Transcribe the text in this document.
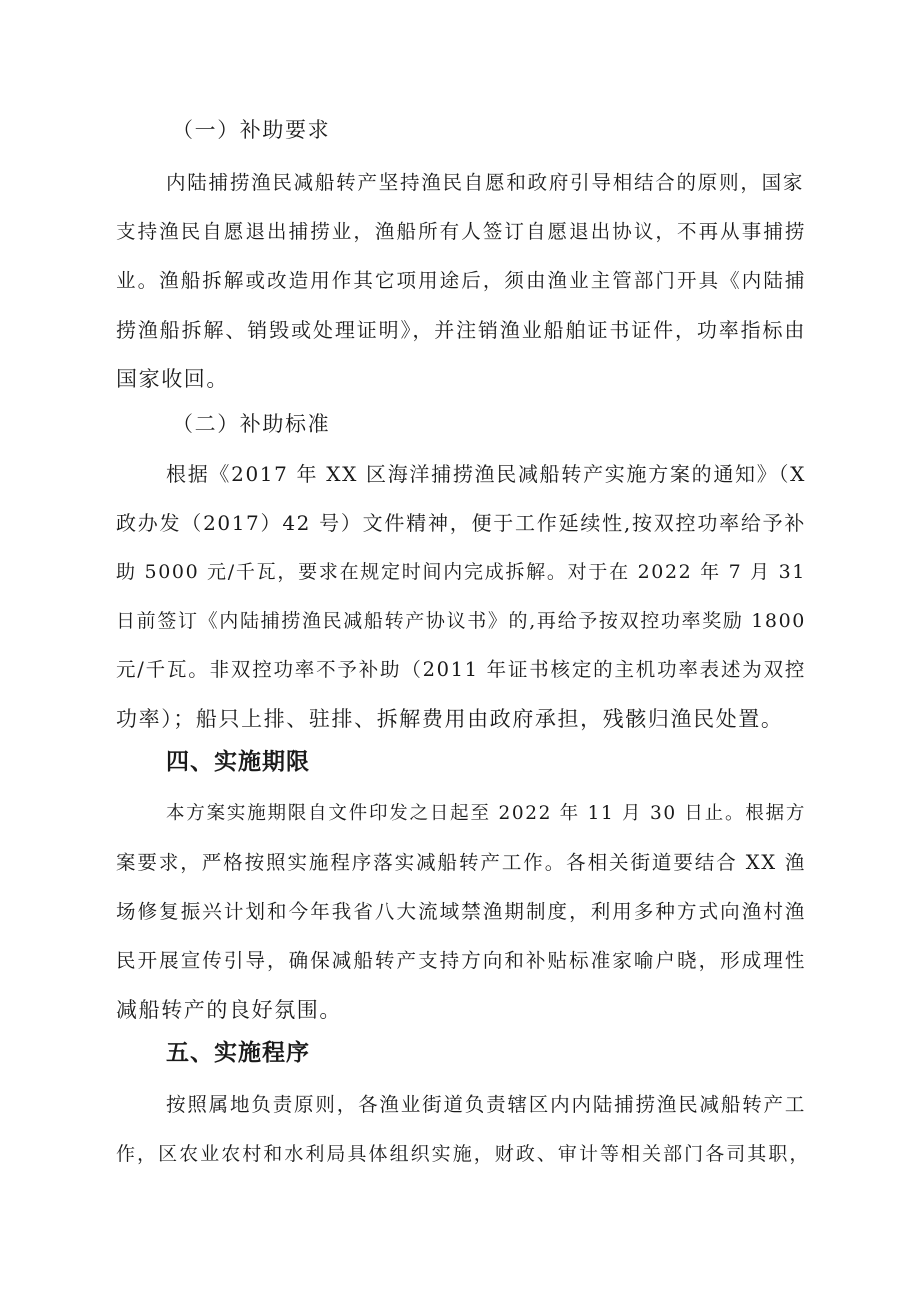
（一）补助要求
内陆捕捞渔民减船转产坚持渔民自愿和政府引导相结合的原则，国家
支持渔民自愿退出捕捞业，渔船所有人签订自愿退出协议，不再从事捕捞
业。渔船拆解或改造用作其它项用途后，须由渔业主管部门开具《内陆捕
捞渔船拆解、销毁或处理证明》，并注销渔业船舶证书证件，功率指标由
国家收回。
（二）补助标准
根据《2017 年 XX 区海洋捕捞渔民减船转产实施方案的通知》（X
政办发（2017）42 号）文件精神，便于工作延续性,按双控功率给予补
助 5000 元/千瓦，要求在规定时间内完成拆解。对于在 2022 年 7 月 31
日前签订《内陆捕捞渔民减船转产协议书》的,再给予按双控功率奖励 1800
元/千瓦。非双控功率不予补助（2011 年证书核定的主机功率表述为双控
功率）；船只上排、驻排、拆解费用由政府承担，残骸归渔民处置。
四、实施期限
本方案实施期限自文件印发之日起至 2022 年 11 月 30 日止。根据方
案要求，严格按照实施程序落实减船转产工作。各相关街道要结合 XX 渔
场修复振兴计划和今年我省八大流域禁渔期制度，利用多种方式向渔村渔
民开展宣传引导，确保减船转产支持方向和补贴标准家喻户晓，形成理性
减船转产的良好氛围。
五、实施程序
按照属地负责原则，各渔业街道负责辖区内内陆捕捞渔民减船转产工
作，区农业农村和水利局具体组织实施，财政、审计等相关部门各司其职，
